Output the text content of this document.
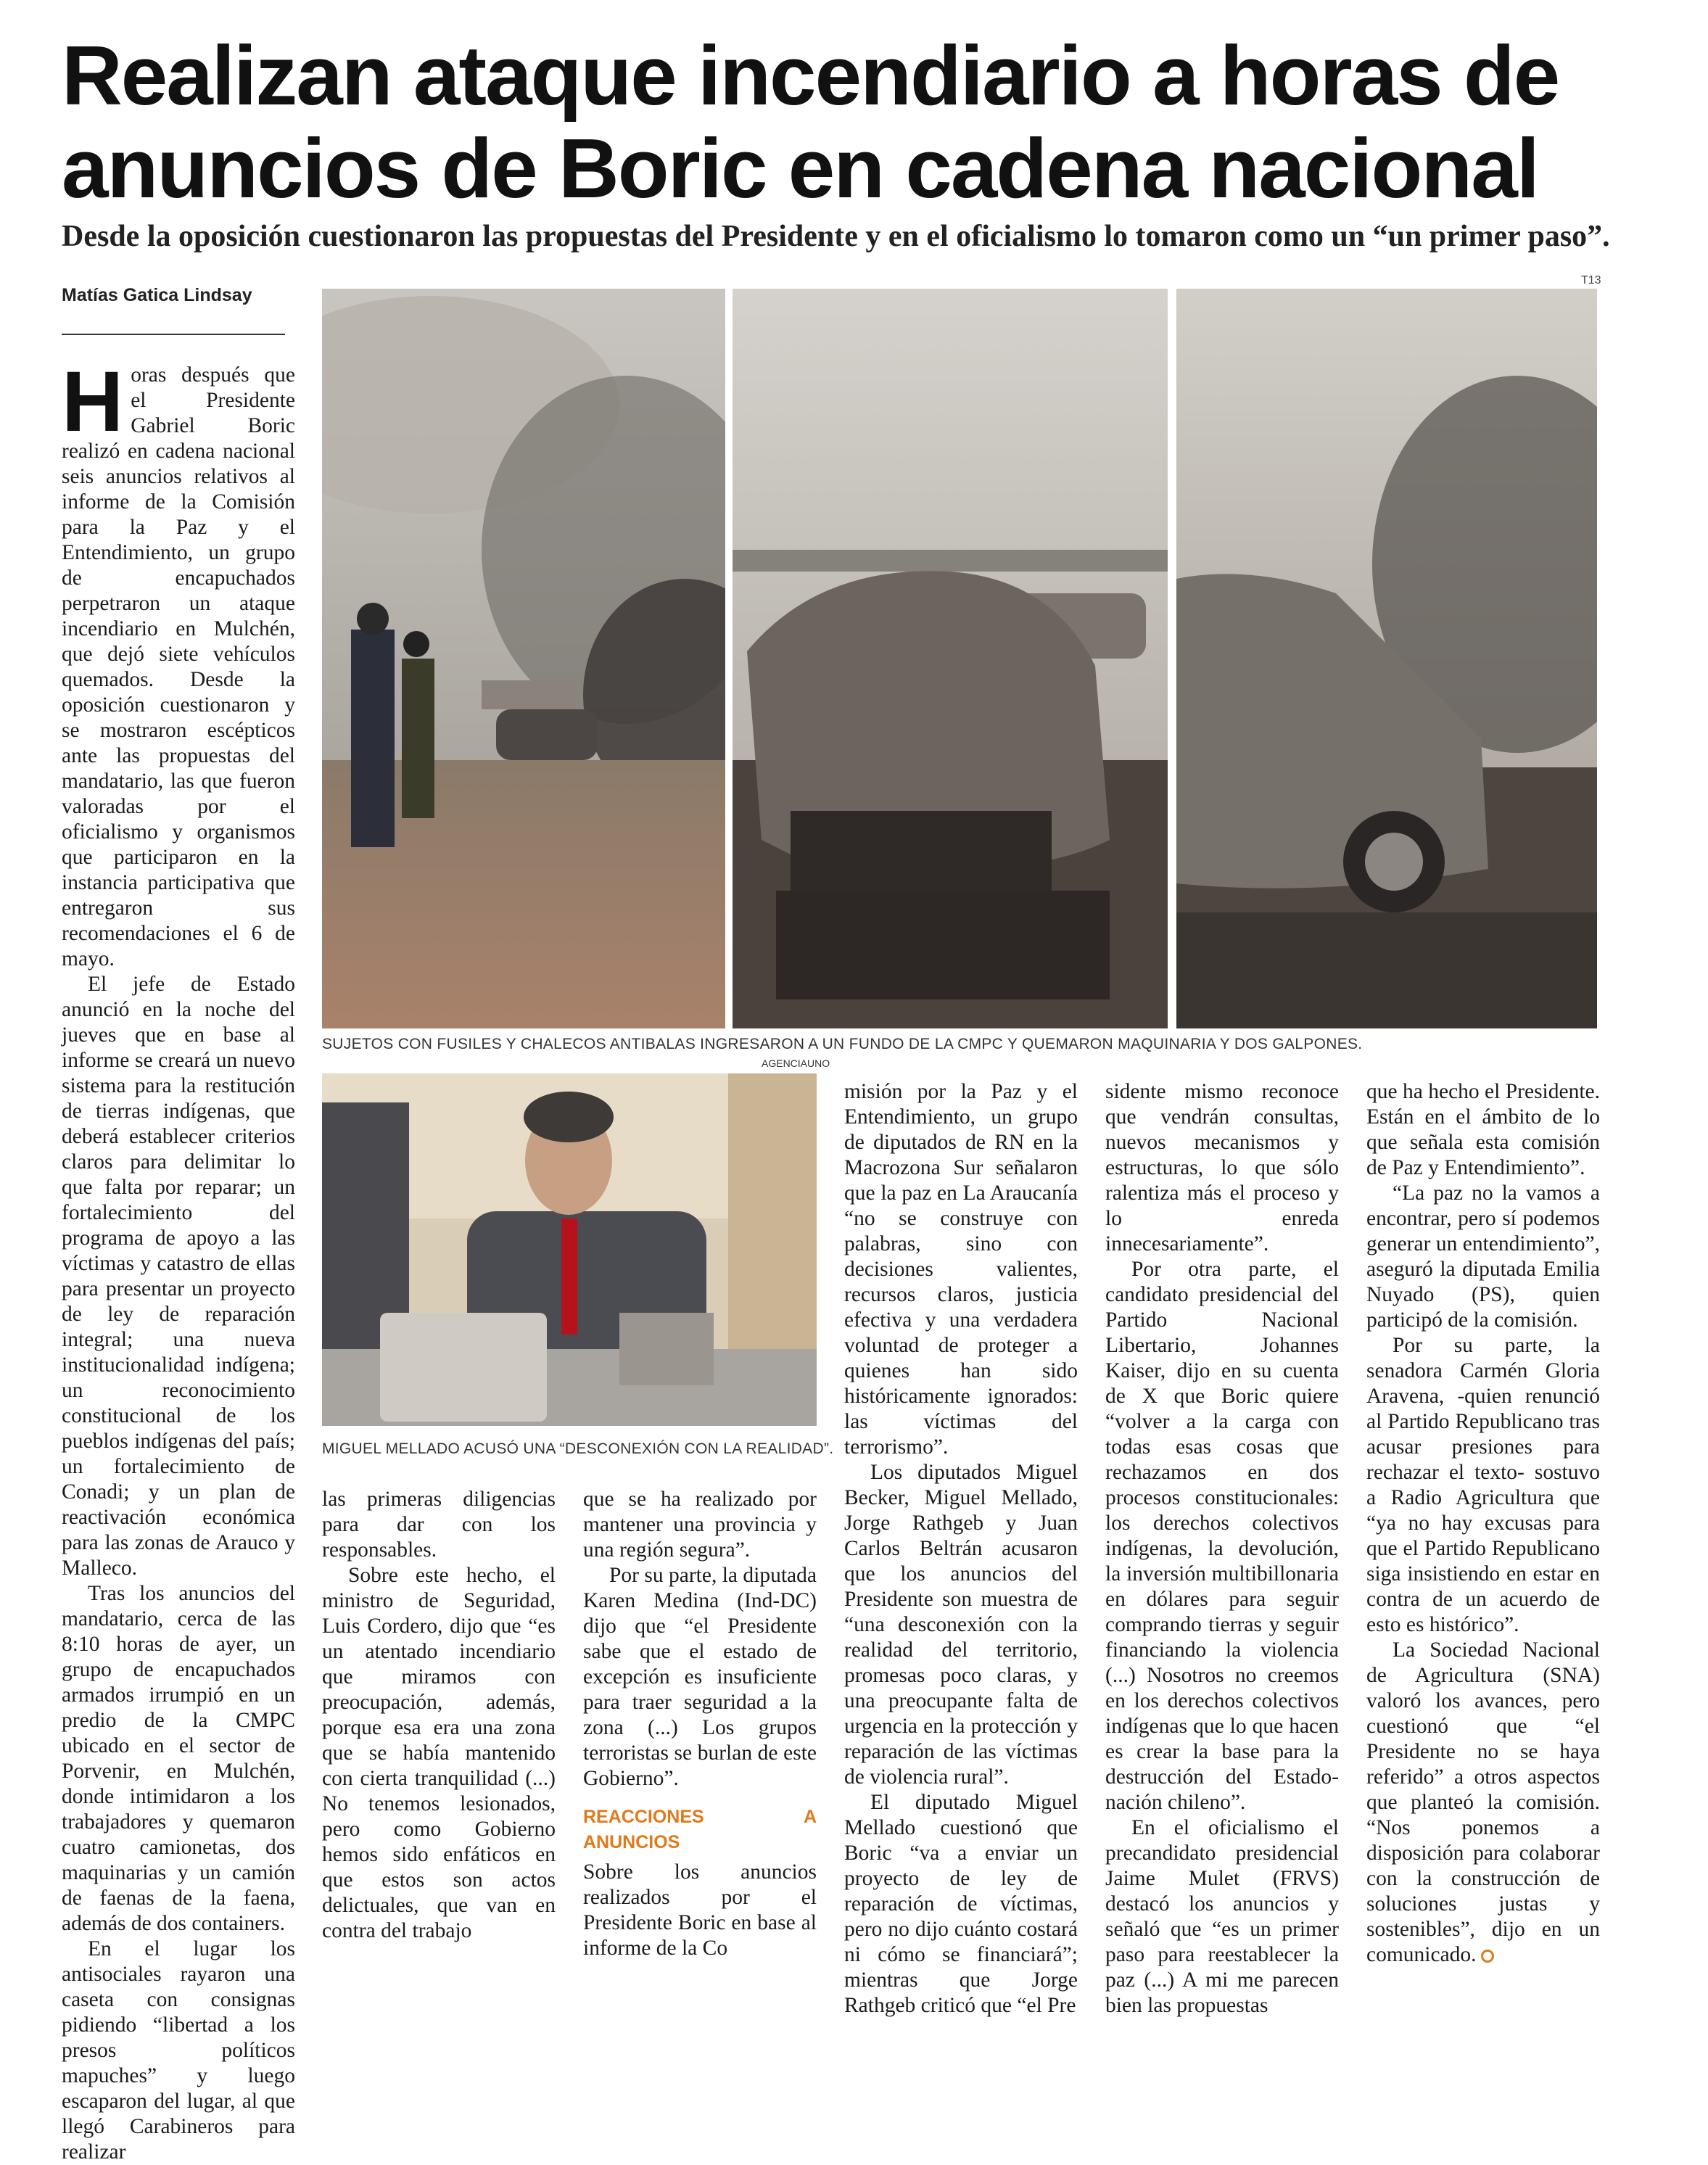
Realizan ataque incendiario a horas de anuncios de Boric en cadena nacional
Desde la oposición cuestionaron las propuestas del Presidente y en el oficialismo lo tomaron como un “un primer paso”.
Matías Gatica Lindsay
T13
SUJETOS CON FUSILES Y CHALECOS ANTIBALAS INGRESARON A UN FUNDO DE LA CMPC Y QUEMARON MAQUINARIA Y DOS GALPONES.
AGENCIAUNO
MIGUEL MELLADO ACUSÓ UNA “DESCONEXIÓN CON LA REALIDAD”.
H oras después que el Presidente Gabriel Boric realizó en cadena nacional seis anuncios relativos al informe de la Comisión para la Paz y el Entendimiento, un grupo de encapuchados perpetraron un ataque incendiario en Mulchén, que dejó siete vehículos quemados. Desde la oposición cuestionaron y se mostraron escépticos ante las propuestas del mandatario, las que fueron valoradas por el oficialismo y organismos que participaron en la instancia participativa que entregaron sus recomendaciones el 6 de mayo.

El jefe de Estado anunció en la noche del jueves que en base al informe se creará un nuevo sistema para la restitución de tierras indígenas, que deberá establecer criterios claros para delimitar lo que falta por reparar; un fortalecimiento del programa de apoyo a las víctimas y catastro de ellas para presentar un proyecto de ley de reparación integral; una nueva institucionalidad indígena; un reconocimiento constitucional de los pueblos indígenas del país; un fortalecimiento de Conadi; y un plan de reactivación económica para las zonas de Arauco y Malleco.

Tras los anuncios del mandatario, cerca de las 8:10 horas de ayer, un grupo de encapuchados armados irrumpió en un predio de la CMPC ubicado en el sector de Porvenir, en Mulchén, donde intimidaron a los trabajadores y quemaron cuatro camionetas, dos maquinarias y un camión de faenas de la faena, además de dos containers.

En el lugar los antisociales rayaron una caseta con consignas pidiendo “libertad a los presos políticos mapuches” y luego escaparon del lugar, al que llegó Carabineros para realizar

las primeras diligencias para dar con los responsables.

Sobre este hecho, el ministro de Seguridad, Luis Cordero, dijo que “es un atentado incendiario que miramos con preocupación, además, porque esa era una zona que se había mantenido con cierta tranquilidad (...) No tenemos lesionados, pero como Gobierno hemos sido enfáticos en que estos son actos delictuales, que van en contra del trabajo

que se ha realizado por mantener una provincia y una región segura”.

Por su parte, la diputada Karen Medina (Ind-DC) dijo que “el Presidente sabe que el estado de excepción es insuficiente para traer seguridad a la zona (...) Los grupos terroristas se burlan de este Gobierno”.

REACCIONES A ANUNCIOS

Sobre los anuncios realizados por el Presidente Boric en base al informe de la Co

misión por la Paz y el Entendimiento, un grupo de diputados de RN en la Macrozona Sur señalaron que la paz en La Araucanía “no se construye con palabras, sino con decisiones valientes, recursos claros, justicia efectiva y una verdadera voluntad de proteger a quienes han sido históricamente ignorados: las víctimas del terrorismo”.

Los diputados Miguel Becker, Miguel Mellado, Jorge Rathgeb y Juan Carlos Beltrán acusaron que los anuncios del Presidente son muestra de “una desconexión con la realidad del territorio, promesas poco claras, y una preocupante falta de urgencia en la protección y reparación de las víctimas de violencia rural”.

El diputado Miguel Mellado cuestionó que Boric “va a enviar un proyecto de ley de reparación de víctimas, pero no dijo cuánto costará ni cómo se financiará”; mientras que Jorge Rathgeb criticó que “el Pre

sidente mismo reconoce que vendrán consultas, nuevos mecanismos y estructuras, lo que sólo ralentiza más el proceso y lo enreda innecesariamente”.

Por otra parte, el candidato presidencial del Partido Nacional Libertario, Johannes Kaiser, dijo en su cuenta de X que Boric quiere “volver a la carga con todas esas cosas que rechazamos en dos procesos constitucionales: los derechos colectivos indígenas, la devolución, la inversión multibillonaria en dólares para seguir comprando tierras y seguir financiando la violencia (...) Nosotros no creemos en los derechos colectivos indígenas que lo que hacen es crear la base para la destrucción del Estado-nación chileno”.

En el oficialismo el precandidato presidencial Jaime Mulet (FRVS) destacó los anuncios y señaló que “es un primer paso para reestablecer la paz (...) A mi me parecen bien las propuestas

que ha hecho el Presidente. Están en el ámbito de lo que señala esta comisión de Paz y Entendimiento”.

“La paz no la vamos a encontrar, pero sí podemos generar un entendimiento”, aseguró la diputada Emilia Nuyado (PS), quien participó de la comisión.

Por su parte, la senadora Carmén Gloria Aravena, -quien renunció al Partido Republicano tras acusar presiones para rechazar el texto- sostuvo a Radio Agricultura que “ya no hay excusas para que el Partido Republicano siga insistiendo en estar en contra de un acuerdo de esto es histórico”.

La Sociedad Nacional de Agricultura (SNA) valoró los avances, pero cuestionó que “el Presidente no se haya referido” a otros aspectos que planteó la comisión. “Nos ponemos a disposición para colaborar con la construcción de soluciones justas y sostenibles”, dijo en un comunicado.
